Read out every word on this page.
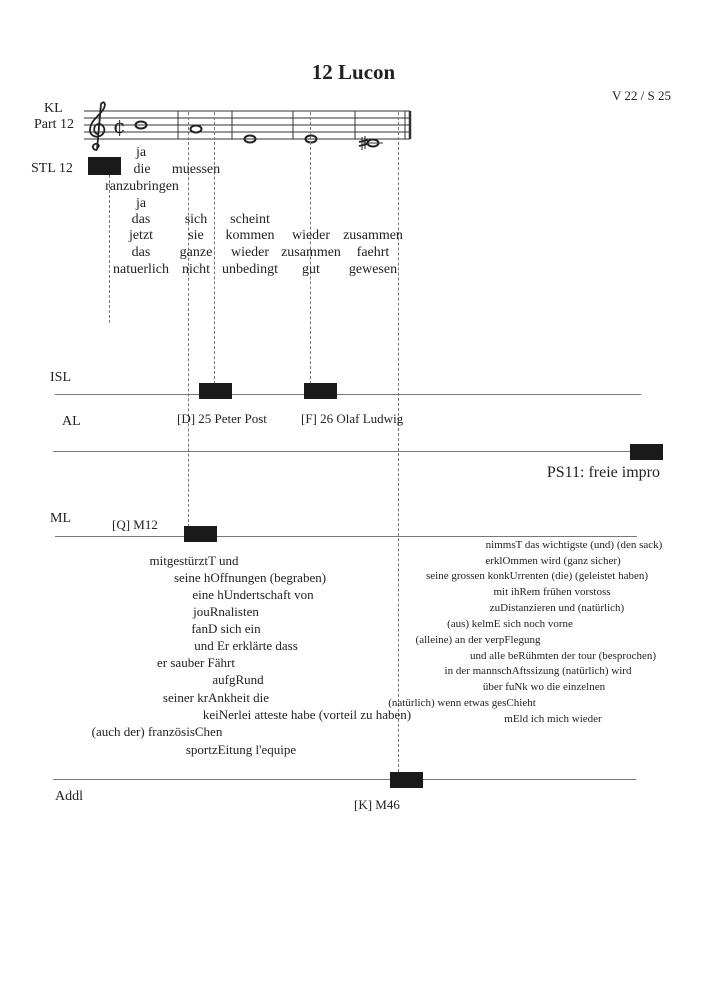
12 Lucon
V 22 / S 25
KL
Part 12 ¢
STL 12
ja
die muessen
ranzubringen
ja
das sich scheint
jetzt	sie kommen wieder zusammen
das ganze wieder zusammen faehrt
natuerlich nicht unbedingt gut gewesen
ISL
[D] 25 Peter Post	[F] 26 Olaf Ludwig
AL
PS11: freie impro
ML	[Q] M12
mitgestürztT und
seine hOffnungen (begraben)
eine hUndertschaft von
jouRnalisten
fanD sich ein
und Er erklärte dass
er sauber Fährt
aufgRund
seiner krAnkheit die
keiNerlei atteste habe (vorteil zu haben)
(auch der) französisChen
sportzEitung l'equipe
nimmsT das wichtigste (und) (den sack)
erklOmmen wird (ganz sicher)
seine grossen konkUrrenten (die) (geleistet haben)
mit ihRem frühen vorstoss
zuDistanzieren und (natürlich)
(aus) kelmE sich noch vorne
(alleine) an der verpFlegung
und alle beRühmten der tour (besprochen)
in der mannschAftssizung (natürlich) wird
über fuNk wo die einzelnen
(natürlich) wenn etwas gesChieht
mEld ich mich wieder
Addl
[K] M46
